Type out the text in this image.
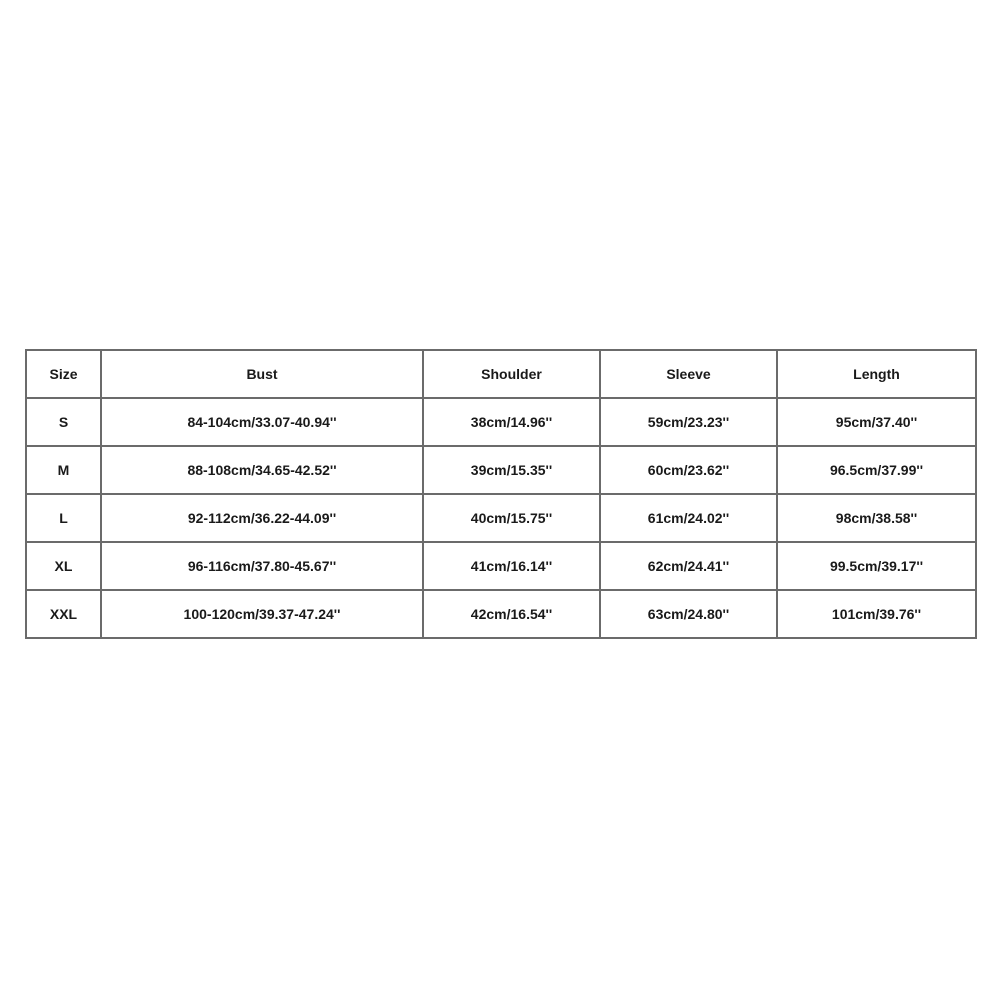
Size	Bust	Shoulder	Sleeve	Length
S	84-104cm/33.07-40.94''	38cm/14.96''	59cm/23.23''	95cm/37.40''
M	88-108cm/34.65-42.52''	39cm/15.35''	60cm/23.62''	96.5cm/37.99''
L	92-112cm/36.22-44.09''	40cm/15.75''	61cm/24.02''	98cm/38.58''
XL	96-116cm/37.80-45.67''	41cm/16.14''	62cm/24.41''	99.5cm/39.17''
XXL	100-120cm/39.37-47.24''	42cm/16.54''	63cm/24.80''	101cm/39.76''
